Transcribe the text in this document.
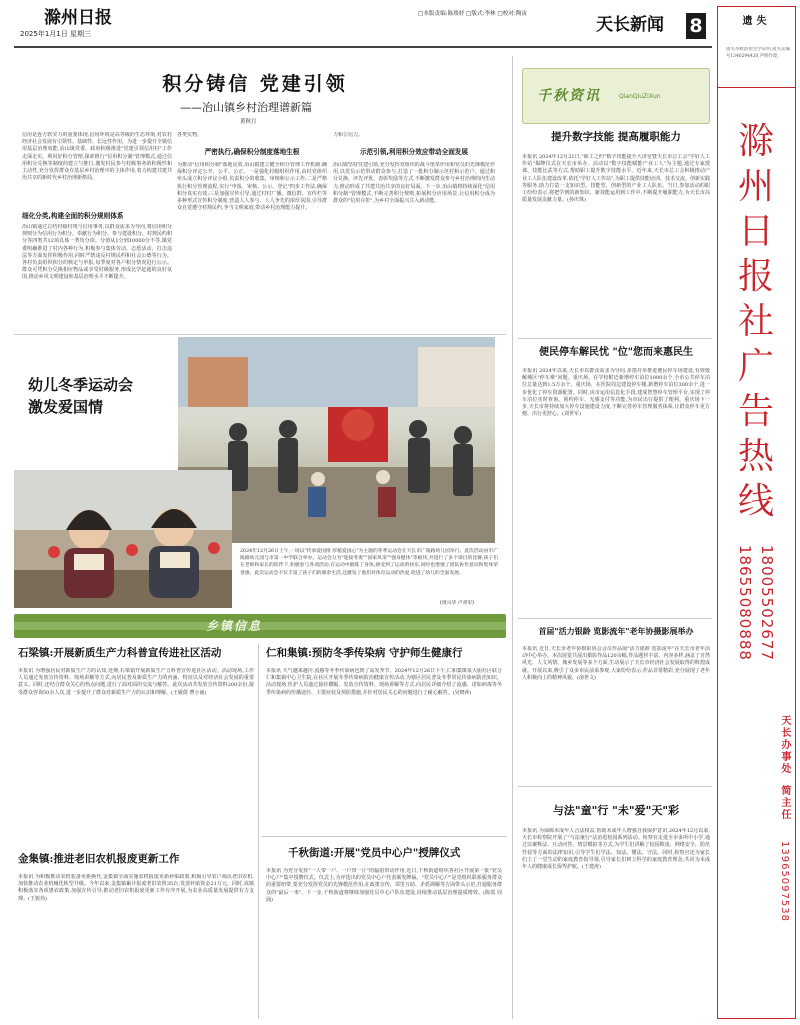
滁州日报
2025年1月1日 星期三
□本版责编:陈琰妤 □版式:李林 □校对:陶寅
天长新闻 8
积分铸信 党建引领
——冶山镇乡村治理谱新篇
黄秋月
信用是连方软实力的重要体现,信用环境是高等级的生态环境,对农村经济社会发展有引领性、基础性、长远性作用。为进一步提升全镇信用基层治理效能,冶山镇党委、政府积极推进"党建引领信用村"工作走深走实。利用好积分管理,探索推行"信用积分制"管理模式,通过信用积分兑换等制度的建立与推行,激发村民参与村级事务的积极性和主动性,充分发挥群众在基层乡村治理中的主体作用,着力构建共建共治共享的新时代乡村治理新格局。
细化分类,构建全面的积分规则体系
冶山镇通过总结村级村规与信用事务,以群众需求为导向,将信用积分规则分为信用行为积分、奉献行为积分、参与建设积分、村规民约积分等四类共12项具体一类负分项。分值从1分到10000分不等,镇党委明确推进了村内各种行为,积极参与集体劳动、志愿活动、打击违法等方面发挥积极作用,同时严禁违反村规民约和社会公德等行为。各村负责组织积分的核定与申报,每季度对各户积分情况进行公示。群众可凭积分兑换相应物品或享受村级服务,形成比学赶超的良好氛围,推动乡风文明建设和基层治理水平不断提升。
各类实物。
严密执行,确保积分制度落地生根
为推动"信用积分制"落地见效,冶山镇建立健全积分管理工作机制,确保积分评定公开、公平、公正。一是强化村级组织作用,由村党组织牵头成立积分评议小组,负责积分的收集、审核和公示工作;二是严格执行积分管理流程,实行"申报、审核、公示、登记"四步工作法,确保积分真实有效;三是加强宣传引导,通过村村广播、微信群、宣传栏等多种形式宣传积分制度,营造人人参与、人人争先的浓厚氛围,引导群众自觉遵守村规民约,争当文明家庭,带动乡村治理能力提升。
力和公信力。
示范引领,利用积分效应带动全面发展
冶山镇坚持党建引领,充分发挥党组织的战斗堡垒作用和党员的先锋模范作用,以党员示范带动群众参与,打造了一批积分制示范村和示范户。通过积分兑换、评先评优、表彰奖励等方式,不断激发群众参与乡村治理的内生动力,推动形成了共建共治共享的良好局面。下一步,冶山镇将持续深化"信用积分制"管理模式,不断完善积分规则,拓展积分应用场景,让信用积分成为群众的"信用存折",为乡村全面振兴注入新动能。
幼儿冬季运动会
激发爱国情
2024年12月26日上午,一场以"传承爱国情 厚植爱国心"为主题的冬季运动会在天长市广陵路幼儿园举行。此次活动由市广陵路幼儿园与市第一中学联合举办。运动会分为"迎接冬奥""国家风采""强身健体"等板块,共进行了多个项目的比赛,孩子们在老师和家长的陪伴下,积极参与各项活动,在运动中锻炼了身体,感受到了运动的快乐,同时也增强了团队协作意识和集体荣誉感。此次运动会不仅丰富了孩子们的课余生活,还激发了他们对体育运动的热爱,促进了幼儿的全面发展。
(周兴华 卢青军)
乡镇信息
石梁镇:开展新质生产力科普宣传进社区活动
本报讯 为增强居民对新质生产力的认知,近期,石梁镇开展新质生产力科普宣传进社区活动。活动现场,工作人员通过发放宣传资料、现场讲解等方式,向居民普及新质生产力的内涵、特征以及对经济社会发展的重要意义。同时,还结合群众关心的热点问题,进行了面对面的交流与解答。此次活动共发放宣传资料200余份,接受群众咨询50余人次,进一步提升了群众对新质生产力的认识和理解。(王敏倩 曹小丽)
仁和集镇:预防冬季传染病 守护师生健康行
本报讯 天气越来越冷,流感等冬季传染病也到了高发季节。2024年12月26日下午,仁和集镇某大庙社区联合仁和集镇中心卫生院,在社区开展冬季传染病防治健康宣传活动,为辖区居民普及冬季常见传染病防治知识。活动现场,医护人员通过悬挂横幅、发放宣传资料、现场讲解等方式,向居民详细介绍了流感、诺如病毒等冬季传染病的传播途径、主要症状及预防措施,并针对居民关心的问题进行了耐心解答。(吴晓萍)
金集镇:推进老旧农机报废更新工作
本报讯 为积极推动农机装备更新换代,金集镇全面实施农机报废更新补贴政策,积极引导农户淘汰老旧农机,加快推动农业机械化转型升级。今年以来,金集镇累计报废老旧农机35台,发放补贴资金21万元。同时,该镇积极落实各项惠农政策,加强宣传引导,推动老旧农机报废更新工作有序开展,为农业高质量发展提供有力支撑。(王锐伟)
千秋街道:开展"党员中心户"授牌仪式
本报讯 为充分发挥"一人带一户、一户带一片"的辐射带动作用,近日,千秋街道组织各社区开展第一批"党员中心户"集中授牌仪式。仪式上,为评选出的党员中心户代表颁发牌匾。"党员中心户"是党组织联系服务群众的重要纽带,要充分发挥党员的先锋模范作用,在政策宣传、邻里互助、矛盾调解等方面带头示范,打通服务群众的"最后一米"。下一步,千秋街道将继续加强党员中心户队伍建设,持续推动基层治理提质增效。(陈霞 周涌)
千秋资讯	QianQiuZiXun
提升数字技能 提高履职能力
本报讯 2024年12月21日,"职工之约"数字技能提升大讲堂暨天长市总工会"学好人工作站"揭牌仪式在天长市举办。活动以"数字技能赋能产业工人"为主题,通过专家授课、技能比武等方式,帮助职工提升数字技能水平。近年来,天长市总工会积极推动产业工人队伍建设改革,依托"学好人工作站",为职工提供技能培训、技术交流、创新实践等服务,助力打造一支知识型、技能型、创新型的产业工人队伍。当日,参加活动的职工纷纷表示,将把学到的新知识、新技能运用到工作中,不断提升履职能力,为天长市高质量发展贡献力量。(孙庆珠)
便民停车解民忧 "位"您而来惠民生
本报讯 2024年以来,天长市以群众需求为导向,多措并举推进便民停车场建设,有效缓解城区"停车难"问题。重庆场、在学校附近新增停车泊位1000余个,全市公共停车泊位总量达到1.5万余个。重庆场、在医院周边建设停车楼,新增停车泊位300余个,进一步优化了停车资源配置。同时,该市运用信息化手段,建成智慧停车管理平台,实现了停车泊位实时查询、预约停车、无感支付等功能,为市民出行提供了便利。重庆场下一步,天长市将持续加大停车设施建设力度,不断完善停车管理服务体系,让群众停车更方便、出行更舒心。(刘世军)
首届"活力银龄 览影流年"老年协摄影展举办
本报讯 近日,天长市老年协摄影协会会员作品展"活力银龄 览影流年"在天长市老年活动中心举办。本次展览共展出摄影作品120余幅,作品题材丰富、内容多样,涵盖了自然风光、人文风情、城乡发展等多个方面,生动展示了天长市经济社会发展取得的辉煌成就。开展以来,吸引了众多市民前来参观,大家纷纷表示,作品非常精彩,充分展现了老年人积极向上的精神风貌。(俞世文)
与法"童"行 "未"爱"天"彩
本报讯 为保障未成年人合法权益,帮助未成年人增强自我保护意识,2024年12月以来,天长市检察院开展了"与法童行"法治进校园系列活动。检察官走进全市多所中小学,通过以案释法、互动问答、情景模拟等方式,为学生们讲解了校园欺凌、网络安全、防范性侵等方面的法律知识,引导学生们学法、知法、懂法、守法。同时,检察官还为家长们上了一堂生动的家庭教育指导课,引导家长们树立科学的家庭教育理念,共同为未成年人的健康成长保驾护航。(王建涛)
遗失
遗失李秋韵由生学证明,遗失证编号1340294420,声明作废。
滁州日报社广告热线
18655080888 18005502677
天长办事处
简主任
13965097538
